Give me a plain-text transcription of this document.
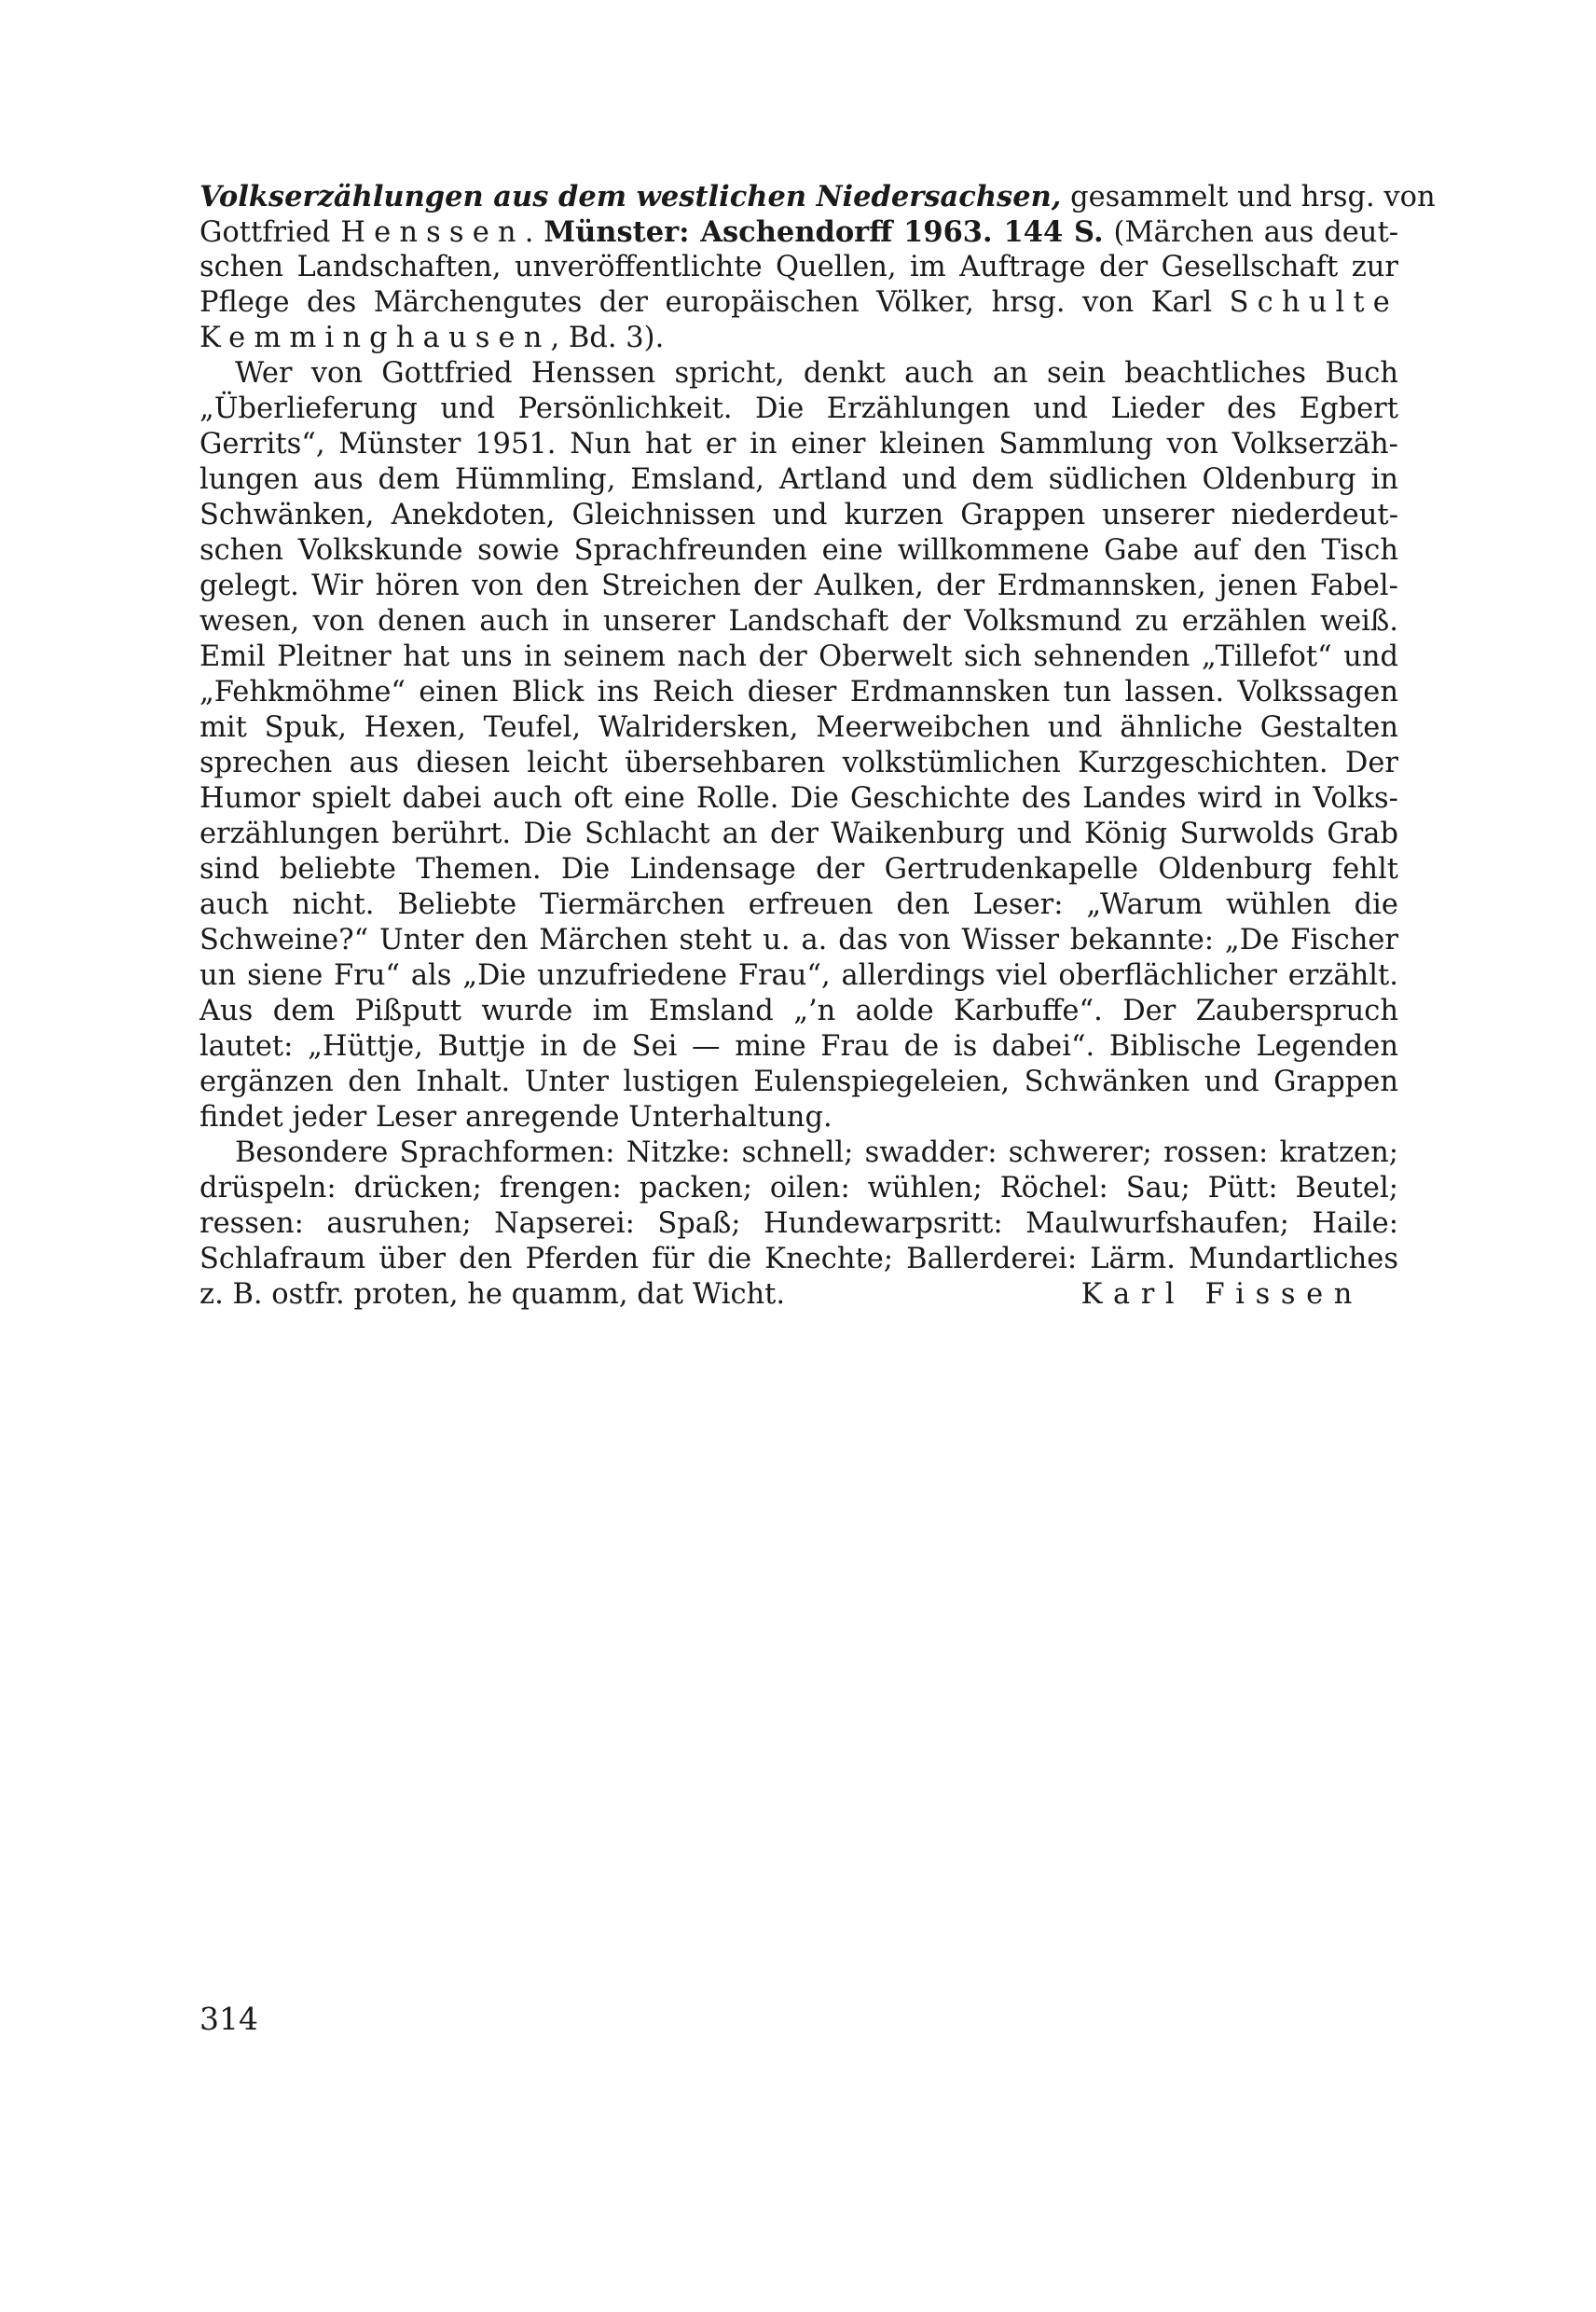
Volkserzählungen aus dem westlichen Niedersachsen, gesammelt und hrsg. von
Gottfried Henssen. Münster: Aschendorff 1963. 144 S. (Märchen aus deut-
schen Landschaften, unveröffentlichte Quellen, im Auftrage der Gesellschaft zur
Pflege des Märchengutes der europäischen Völker, hrsg. von Karl Schulte
Kemminghausen, Bd. 3).
Wer von Gottfried Henssen spricht, denkt auch an sein beachtliches Buch
„Überlieferung und Persönlichkeit. Die Erzählungen und Lieder des Egbert
Gerrits“, Münster 1951. Nun hat er in einer kleinen Sammlung von Volkserzäh-
lungen aus dem Hümmling, Emsland, Artland und dem südlichen Oldenburg in
Schwänken, Anekdoten, Gleichnissen und kurzen Grappen unserer niederdeut-
schen Volkskunde sowie Sprachfreunden eine willkommene Gabe auf den Tisch
gelegt. Wir hören von den Streichen der Aulken, der Erdmannsken, jenen Fabel-
wesen, von denen auch in unserer Landschaft der Volksmund zu erzählen weiß.
Emil Pleitner hat uns in seinem nach der Oberwelt sich sehnenden „Tillefot“ und
„Fehkmöhme“ einen Blick ins Reich dieser Erdmannsken tun lassen. Volkssagen
mit Spuk, Hexen, Teufel, Walridersken, Meerweibchen und ähnliche Gestalten
sprechen aus diesen leicht übersehbaren volkstümlichen Kurzgeschichten. Der
Humor spielt dabei auch oft eine Rolle. Die Geschichte des Landes wird in Volks-
erzählungen berührt. Die Schlacht an der Waikenburg und König Surwolds Grab
sind beliebte Themen. Die Lindensage der Gertrudenkapelle Oldenburg fehlt
auch nicht. Beliebte Tiermärchen erfreuen den Leser: „Warum wühlen die
Schweine?“ Unter den Märchen steht u. a. das von Wisser bekannte: „De Fischer
un siene Fru“ als „Die unzufriedene Frau“, allerdings viel oberflächlicher erzählt.
Aus dem Pißputt wurde im Emsland „’n aolde Karbuffe“. Der Zauberspruch
lautet: „Hüttje, Buttje in de Sei — mine Frau de is dabei“. Biblische Legenden
ergänzen den Inhalt. Unter lustigen Eulenspiegeleien, Schwänken und Grappen
findet jeder Leser anregende Unterhaltung.
Besondere Sprachformen: Nitzke: schnell; swadder: schwerer; rossen: kratzen;
drüspeln: drücken; frengen: packen; oilen: wühlen; Röchel: Sau; Pütt: Beutel;
ressen: ausruhen; Napserei: Spaß; Hundewarpsritt: Maulwurfshaufen; Haile:
Schlafraum über den Pferden für die Knechte; Ballerderei: Lärm. Mundartliches
z. B. ostfr. proten, he quamm, dat Wicht.	Karl Fissen
314
